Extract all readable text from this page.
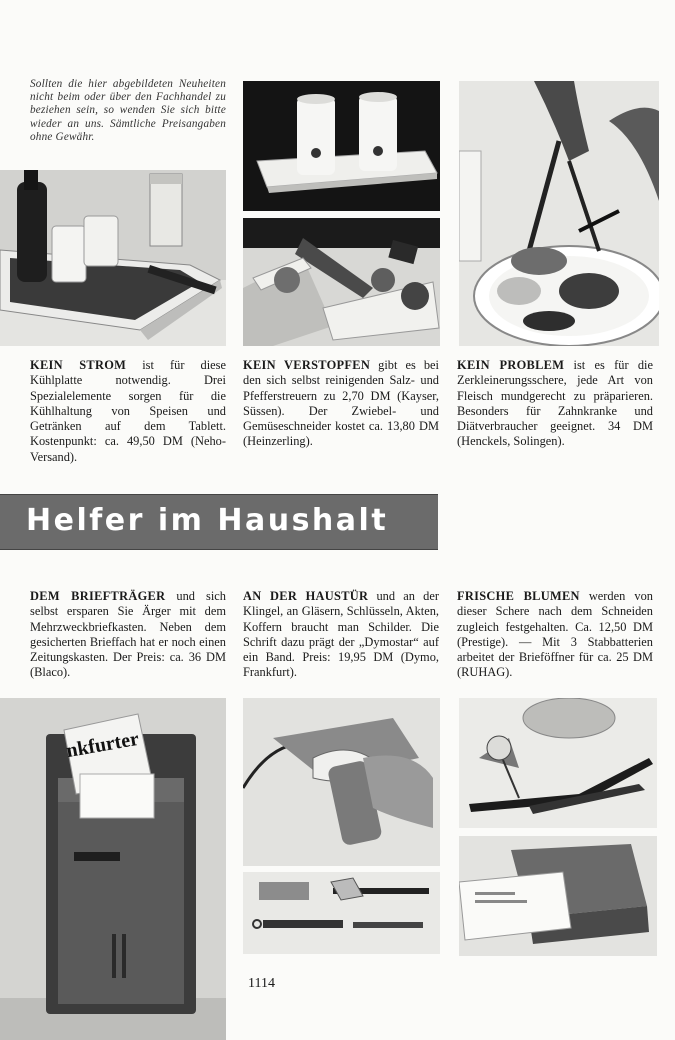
Sollten die hier abgebildeten Neuheiten nicht beim oder über den Fachhandel zu beziehen sein, so wenden Sie sich bitte wieder an uns. Sämtliche Preisangaben ohne Gewähr.
KEIN STROM ist für diese Kühlplatte notwendig. Drei Spezialelemente sorgen für die Kühlhaltung von Speisen und Getränken auf dem Tablett. Kostenpunkt: ca. 49,50 DM (Neho-Versand).
KEIN VERSTOPFEN gibt es bei den sich selbst reinigenden Salz- und Pfefferstreuern zu 2,70 DM (Kayser, Süssen). Der Zwiebel- und Gemüseschneider kostet ca. 13,80 DM (Heinzerling).
KEIN PROBLEM ist es für die Zerkleinerungsschere, jede Art von Fleisch mundgerecht zu präparieren. Besonders für Zahnkranke und Diätverbraucher geeignet. 34 DM (Henckels, Solingen).
Helfer im Haushalt
DEM BRIEFTRÄGER und sich selbst ersparen Sie Ärger mit dem Mehrzweckbriefkasten. Neben dem gesicherten Brieffach hat er noch einen Zeitungskasten. Der Preis: ca. 36 DM (Blaco).
AN DER HAUSTÜR und an der Klingel, an Gläsern, Schlüsseln, Akten, Koffern braucht man Schilder. Die Schrift dazu prägt der „Dymostar“ auf ein Band. Preis: 19,95 DM (Dymo, Frankfurt).
FRISCHE BLUMEN werden von dieser Schere nach dem Schneiden zugleich festgehalten. Ca. 12,50 DM (Prestige). — Mit 3 Stabbatterien arbeitet der Brieföffner für ca. 25 DM (RUHAG).
nkfurter
1114
